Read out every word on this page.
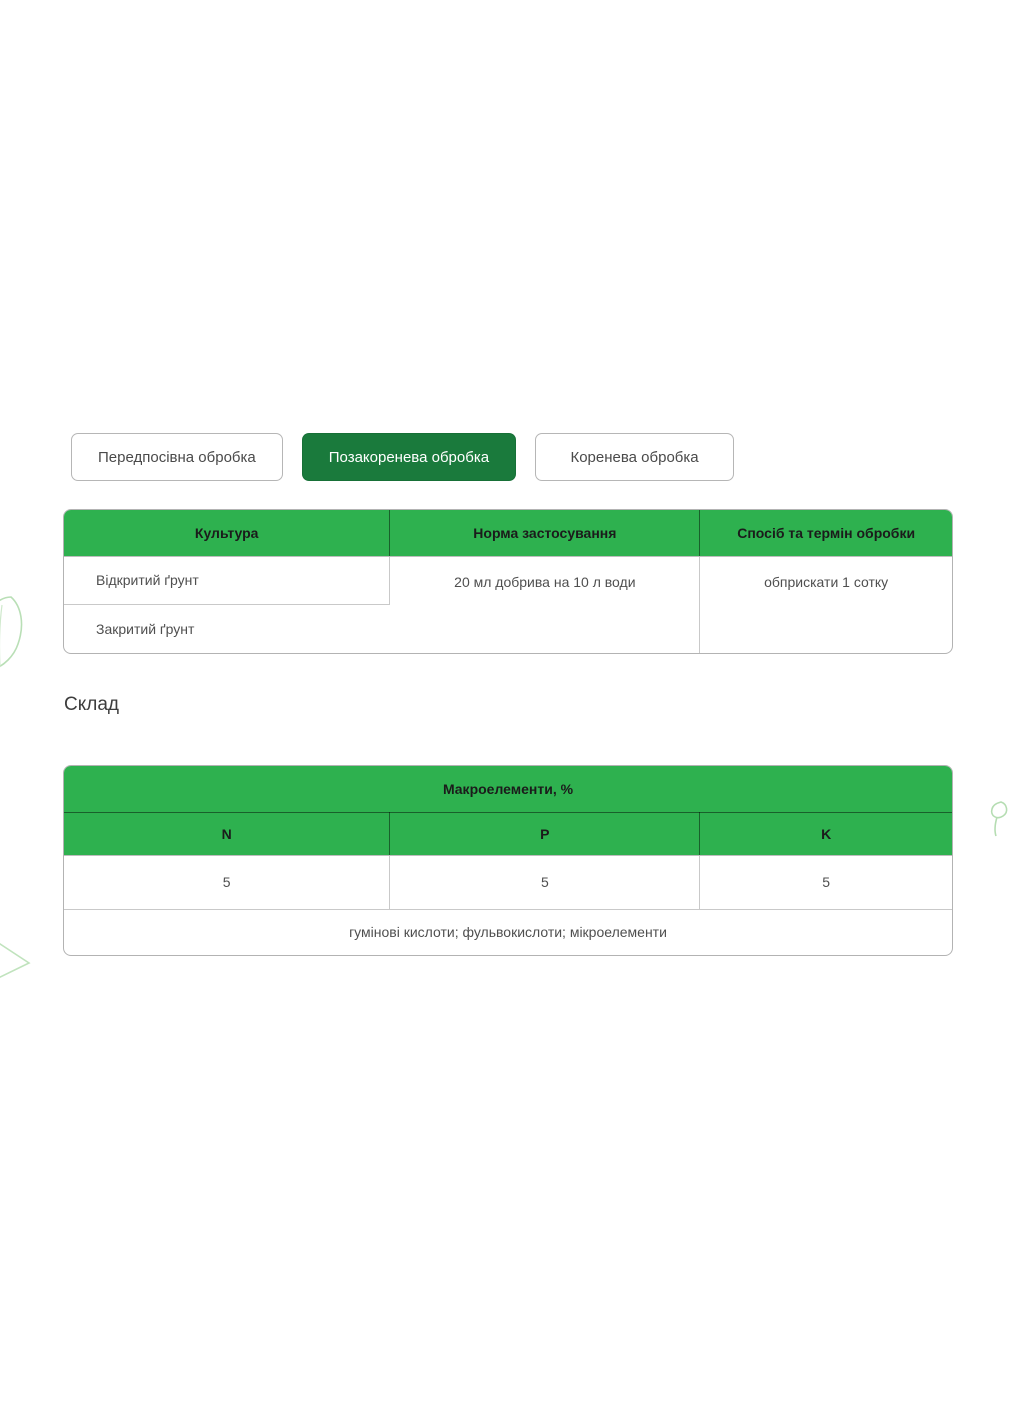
Передпосівна обробка	Позакоренева обробка	Коренева обробка
Культура	Норма застосування	Спосіб та термін обробки
Відкритий ґрунт	20 мл добрива на 10 л води	обприскати 1 сотку
Закритий ґрунт		
Склад
Макроелементи, %		
N	P	K
5	5	5
гумінові кислоти; фульвокислоти; мікроелементи		
